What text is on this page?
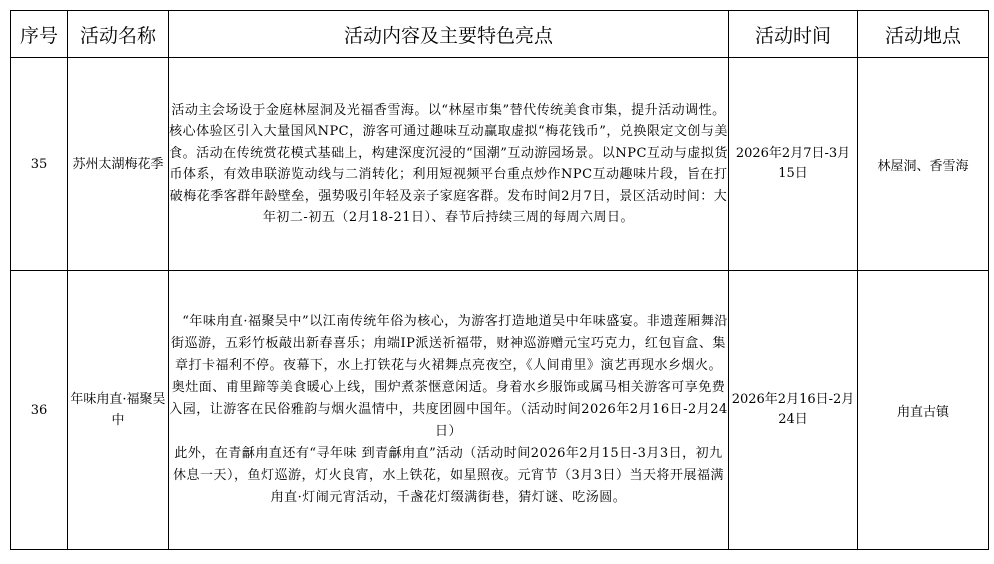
序号	活动名称	活动内容及主要特色亮点	活动时间	活动地点
35	苏州太湖梅花季	活动主会场设于金庭林屋洞及光福香雪海。以“林屋市集”替代传统美食市集，提升活动调性。核心体验区引入大量国风NPC，游客可通过趣味互动赢取虚拟“梅花钱币”，兑换限定文创与美食。活动在传统赏花模式基础上，构建深度沉浸的“国潮”互动游园场景。以NPC互动与虚拟货币体系，有效串联游览动线与二消转化；利用短视频平台重点炒作NPC互动趣味片段，旨在打破梅花季客群年龄壁垒，强势吸引年轻及亲子家庭客群。发布时间2月7日，景区活动时间：大年初二-初五（2月18-21日）、春节后持续三周的每周六周日。	2026年2月7日-3月15日	林屋洞、香雪海
36	年味甪直·福聚吴中	“年味甪直·福聚吴中”以江南传统年俗为核心，为游客打造地道吴中年味盛宴。非遗莲厢舞沿街巡游，五彩竹板敲出新春喜乐；甪端IP派送祈福带，财神巡游赠元宝巧克力，红包盲盒、集章打卡福利不停。夜幕下，水上打铁花与火裙舞点亮夜空，《人间甫里》演艺再现水乡烟火。奥灶面、甫里蹄等美食暖心上线，围炉煮茶惬意闲适。身着水乡服饰或属马相关游客可享免费入园，让游客在民俗雅韵与烟火温情中，共度团圆中国年。（活动时间2026年2月16日-2月24日）

此外，在青龢甪直还有“寻年味 到青龢甪直”活动（活动时间2026年2月15日-3月3日，初九休息一天），鱼灯巡游，灯火良宵，水上铁花，如星照夜。元宵节（3月3日）当天将开展福满甪直·灯闹元宵活动，千盏花灯缀满街巷，猜灯谜、吃汤圆。	2026年2月16日-2月24日	甪直古镇
